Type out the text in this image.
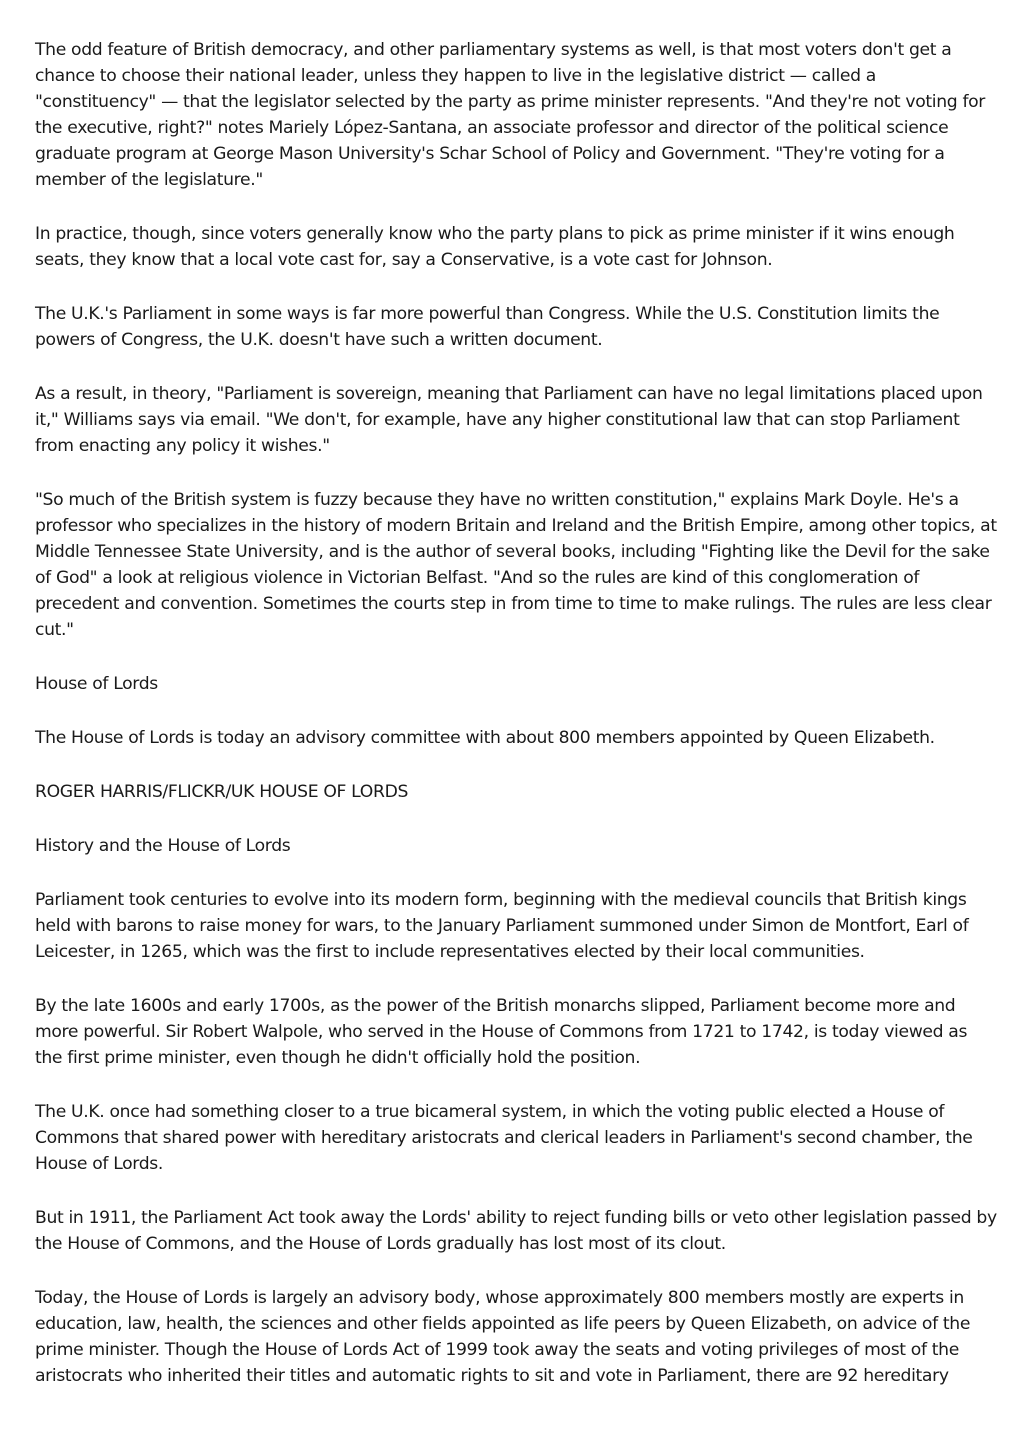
The odd feature of British democracy, and other parliamentary systems as well, is that most voters don't get a chance to choose their national leader, unless they happen to live in the legislative district — called a "constituency" — that the legislator selected by the party as prime minister represents. "And they're not voting for the executive, right?" notes Mariely López-Santana, an associate professor and director of the political science graduate program at George Mason University's Schar School of Policy and Government. "They're voting for a member of the legislature."

In practice, though, since voters generally know who the party plans to pick as prime minister if it wins enough seats, they know that a local vote cast for, say a Conservative, is a vote cast for Johnson.

The U.K.'s Parliament in some ways is far more powerful than Congress. While the U.S. Constitution limits the powers of Congress, the U.K. doesn't have such a written document.

As a result, in theory, "Parliament is sovereign, meaning that Parliament can have no legal limitations placed upon it," Williams says via email. "We don't, for example, have any higher constitutional law that can stop Parliament from enacting any policy it wishes."

"So much of the British system is fuzzy because they have no written constitution," explains Mark Doyle. He's a professor who specializes in the history of modern Britain and Ireland and the British Empire, among other topics, at Middle Tennessee State University, and is the author of several books, including "Fighting like the Devil for the sake of God" a look at religious violence in Victorian Belfast. "And so the rules are kind of this conglomeration of precedent and convention. Sometimes the courts step in from time to time to make rulings. The rules are less clear cut."

House of Lords

The House of Lords is today an advisory committee with about 800 members appointed by Queen Elizabeth.

ROGER HARRIS/FLICKR/UK HOUSE OF LORDS

History and the House of Lords

Parliament took centuries to evolve into its modern form, beginning with the medieval councils that British kings held with barons to raise money for wars, to the January Parliament summoned under Simon de Montfort, Earl of Leicester, in 1265, which was the first to include representatives elected by their local communities.

By the late 1600s and early 1700s, as the power of the British monarchs slipped, Parliament become more and more powerful. Sir Robert Walpole, who served in the House of Commons from 1721 to 1742, is today viewed as the first prime minister, even though he didn't officially hold the position.

The U.K. once had something closer to a true bicameral system, in which the voting public elected a House of Commons that shared power with hereditary aristocrats and clerical leaders in Parliament's second chamber, the House of Lords.

But in 1911, the Parliament Act took away the Lords' ability to reject funding bills or veto other legislation passed by the House of Commons, and the House of Lords gradually has lost most of its clout.

Today, the House of Lords is largely an advisory body, whose approximately 800 members mostly are experts in education, law, health, the sciences and other fields appointed as life peers by Queen Elizabeth, on advice of the prime minister. Though the House of Lords Act of 1999 took away the seats and voting privileges of most of the aristocrats who inherited their titles and automatic rights to sit and vote in Parliament, there are 92 hereditary
